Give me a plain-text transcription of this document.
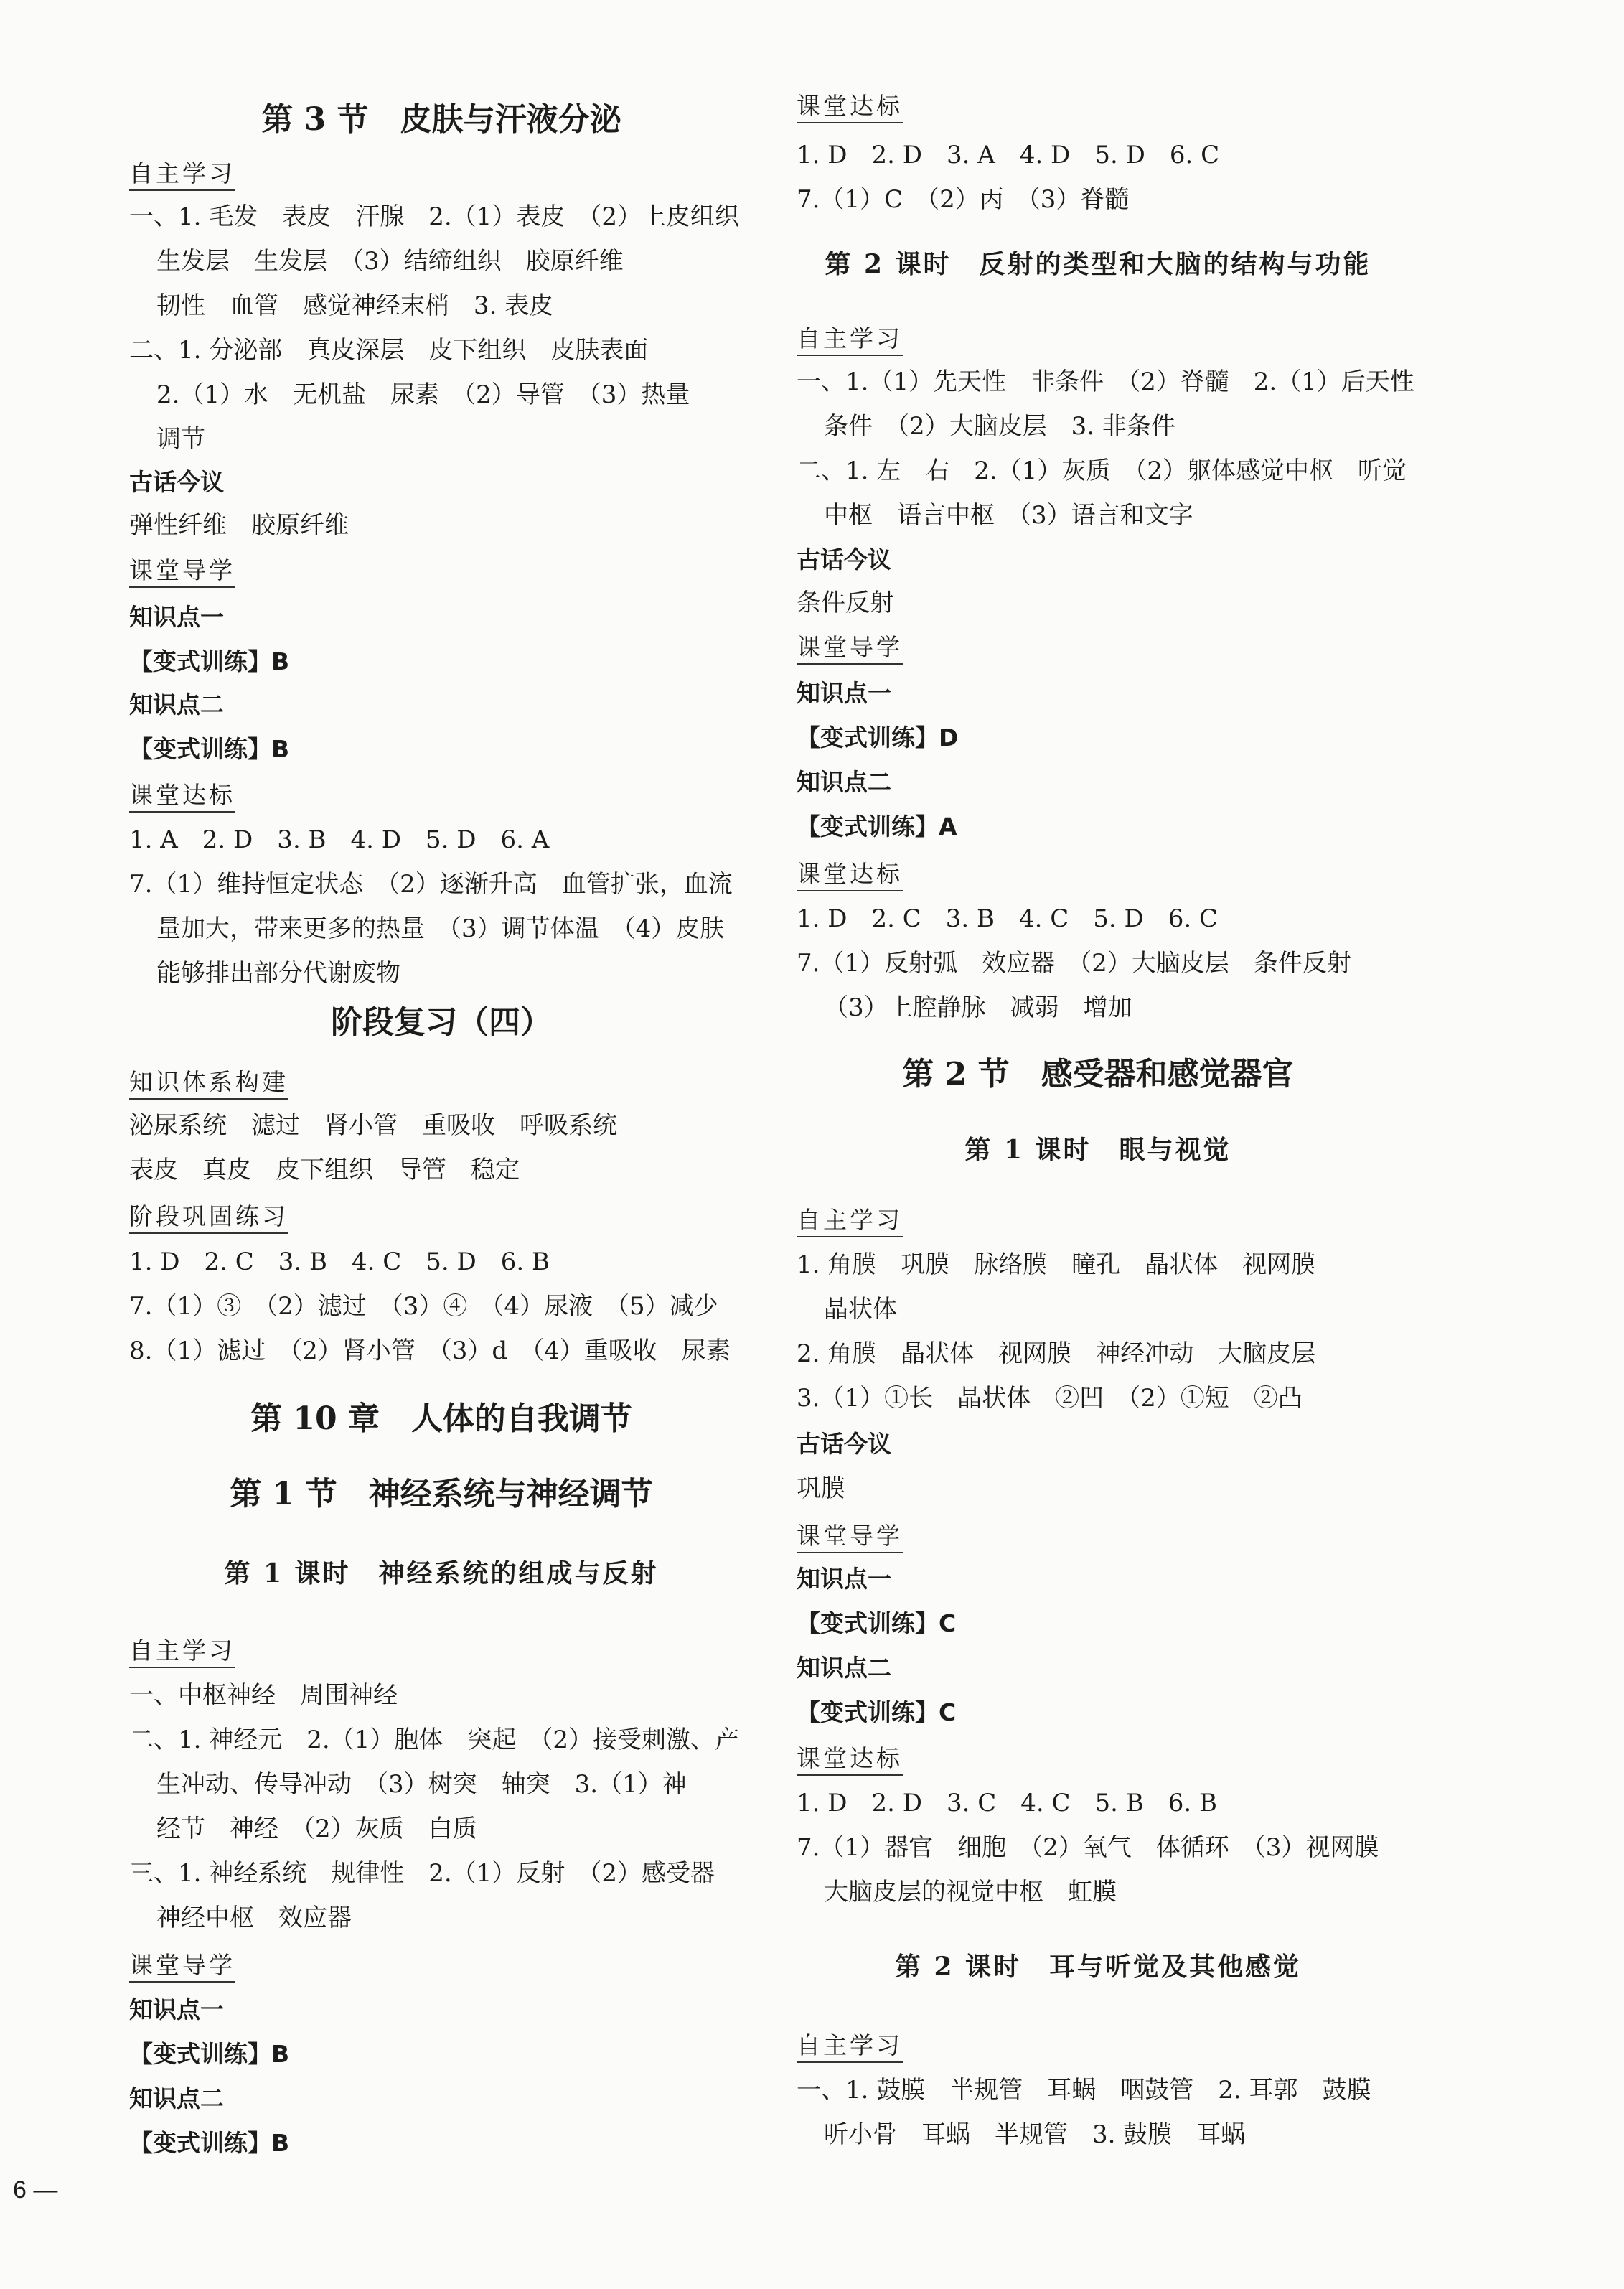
第 3 节　皮肤与汗液分泌
自主学习
一、1. 毛发　表皮　汗腺　2.（1）表皮　（2）上皮组织
生发层　生发层　（3）结缔组织　胶原纤维
韧性　血管　感觉神经末梢　3. 表皮
二、1. 分泌部　真皮深层　皮下组织　皮肤表面
2.（1）水　无机盐　尿素　（2）导管　（3）热量
调节
古话今议
弹性纤维　胶原纤维
课堂导学
知识点一
【变式训练】B
知识点二
【变式训练】B
课堂达标
1. A　2. D　3. B　4. D　5. D　6. A
7.（1）维持恒定状态　（2）逐渐升高　血管扩张，血流
量加大，带来更多的热量　（3）调节体温　（4）皮肤
能够排出部分代谢废物
阶段复习（四）
知识体系构建
泌尿系统　滤过　肾小管　重吸收　呼吸系统
表皮　真皮　皮下组织　导管　稳定
阶段巩固练习
1. D　2. C　3. B　4. C　5. D　6. B
7.（1）③　（2）滤过　（3）④　（4）尿液　（5）减少
8.（1）滤过　（2）肾小管　（3）d　（4）重吸收　尿素
第 10 章　人体的自我调节
第 1 节　神经系统与神经调节
第 1 课时　神经系统的组成与反射
自主学习
一、中枢神经　周围神经
二、1. 神经元　2.（1）胞体　突起　（2）接受刺激、产
生冲动、传导冲动　（3）树突　轴突　3.（1）神
经节　神经　（2）灰质　白质
三、1. 神经系统　规律性　2.（1）反射　（2）感受器
神经中枢　效应器
课堂导学
知识点一
【变式训练】B
知识点二
【变式训练】B
课堂达标
1. D　2. D　3. A　4. D　5. D　6. C
7.（1）C　（2）丙　（3）脊髓
第 2 课时　反射的类型和大脑的结构与功能
自主学习
一、1.（1）先天性　非条件　（2）脊髓　2.（1）后天性
条件　（2）大脑皮层　3. 非条件
二、1. 左　右　2.（1）灰质　（2）躯体感觉中枢　听觉
中枢　语言中枢　（3）语言和文字
古话今议
条件反射
课堂导学
知识点一
【变式训练】D
知识点二
【变式训练】A
课堂达标
1. D　2. C　3. B　4. C　5. D　6. C
7.（1）反射弧　效应器　（2）大脑皮层　条件反射
（3）上腔静脉　减弱　增加
第 2 节　感受器和感觉器官
第 1 课时　眼与视觉
自主学习
1. 角膜　巩膜　脉络膜　瞳孔　晶状体　视网膜
晶状体
2. 角膜　晶状体　视网膜　神经冲动　大脑皮层
3.（1）①长　晶状体　②凹　（2）①短　②凸
古话今议
巩膜
课堂导学
知识点一
【变式训练】C
知识点二
【变式训练】C
课堂达标
1. D　2. D　3. C　4. C　5. B　6. B
7.（1）器官　细胞　（2）氧气　体循环　（3）视网膜
大脑皮层的视觉中枢　虹膜
第 2 课时　耳与听觉及其他感觉
自主学习
一、1. 鼓膜　半规管　耳蜗　咽鼓管　2. 耳郭　鼓膜
听小骨　耳蜗　半规管　3. 鼓膜　耳蜗
6 —
